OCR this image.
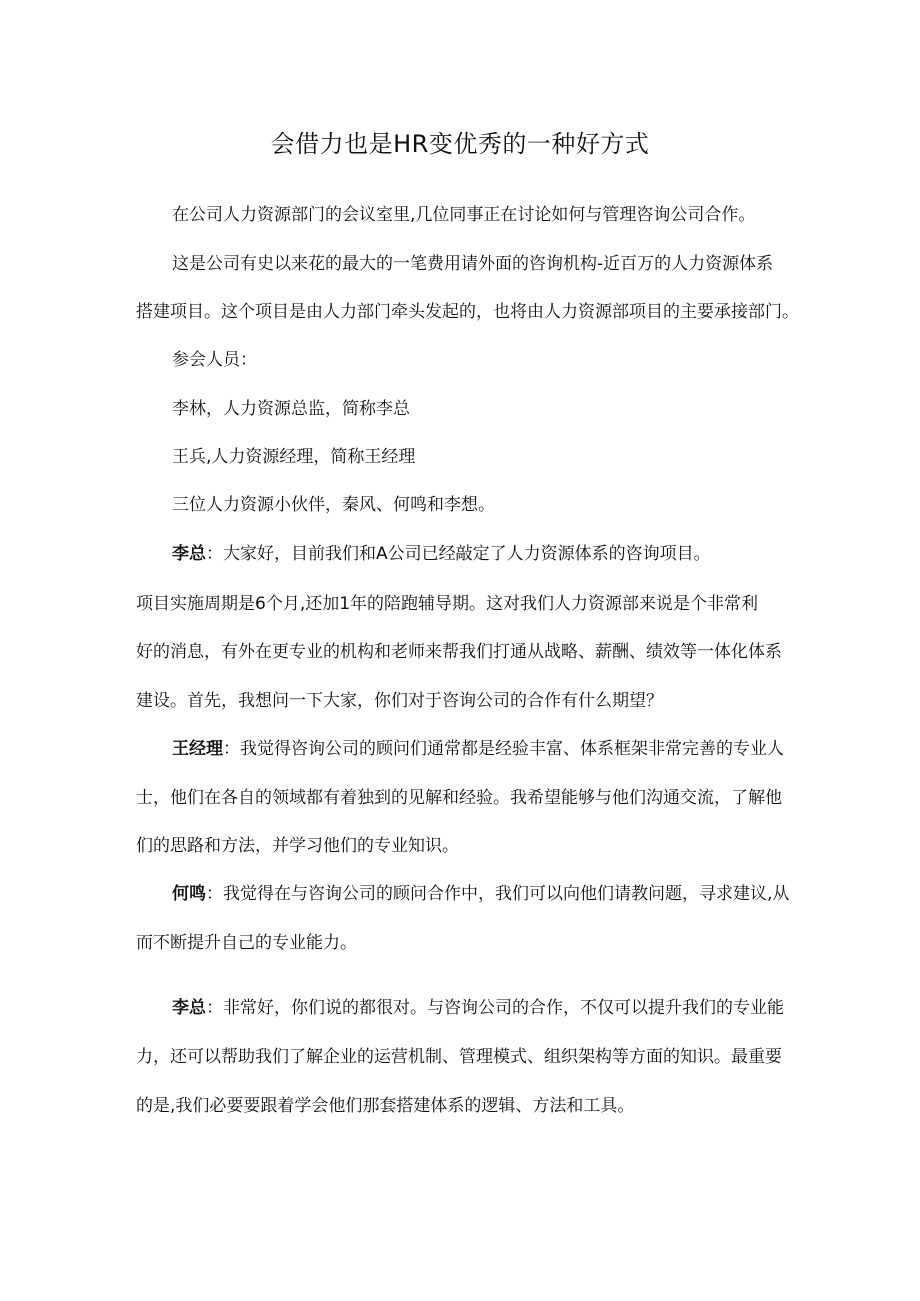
会借力也是HR变优秀的一种好方式

在公司人力资源部门的会议室里,几位同事正在讨论如何与管理咨询公司合作。

这是公司有史以来花的最大的一笔费用请外面的咨询机构-近百万的人力资源体系

搭建项目。这个项目是由人力部门牵头发起的，也将由人力资源部项目的主要承接部门。

参会人员：

李林，人力资源总监，简称李总

王兵,人力资源经理，简称王经理

三位人力资源小伙伴，秦风、何鸣和李想。

李总：大家好，目前我们和A公司已经敲定了人力资源体系的咨询项目。

项目实施周期是6个月,还加1年的陪跑辅导期。这对我们人力资源部来说是个非常利

好的消息，有外在更专业的机构和老师来帮我们打通从战略、薪酬、绩效等一体化体系

建设。首先，我想问一下大家，你们对于咨询公司的合作有什么期望？

王经理：我觉得咨询公司的顾问们通常都是经验丰富、体系框架非常完善的专业人

士，他们在各自的领域都有着独到的见解和经验。我希望能够与他们沟通交流，了解他

们的思路和方法，并学习他们的专业知识。

何鸣：我觉得在与咨询公司的顾问合作中，我们可以向他们请教问题，寻求建议,从

而不断提升自己的专业能力。

李总：非常好，你们说的都很对。与咨询公司的合作，不仅可以提升我们的专业能

力，还可以帮助我们了解企业的运营机制、管理模式、组织架构等方面的知识。最重要

的是,我们必要要跟着学会他们那套搭建体系的逻辑、方法和工具。
